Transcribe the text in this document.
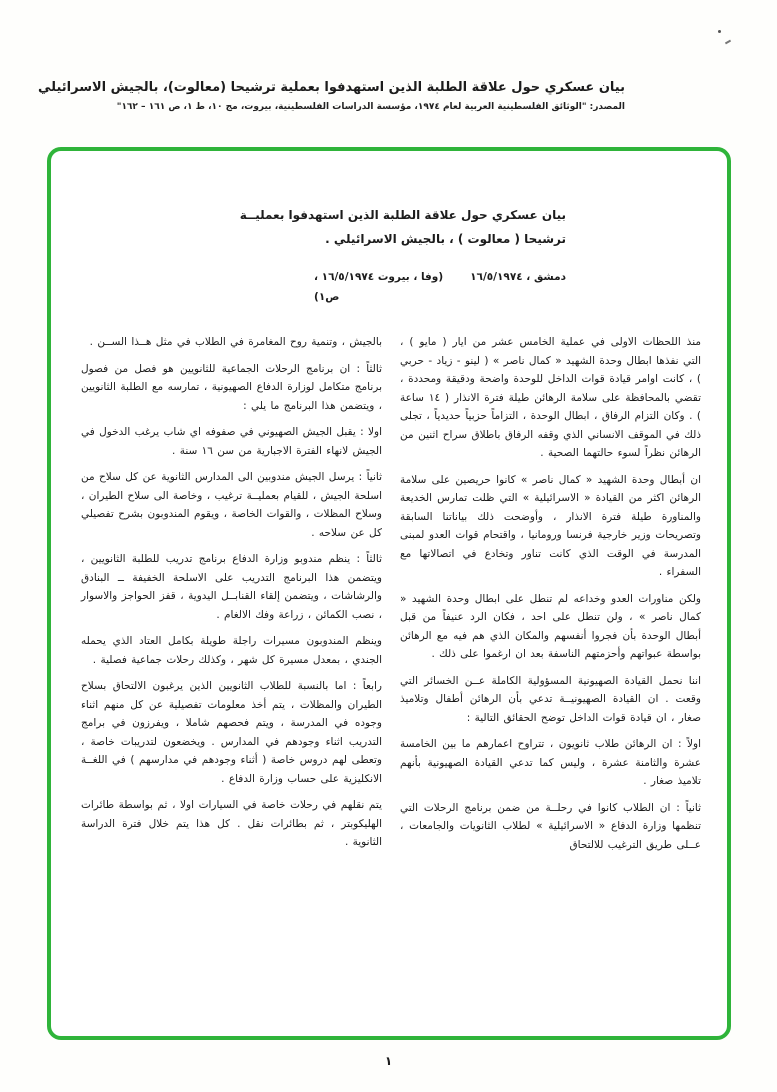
بيان عسكري حول علاقة الطلبة الذين استهدفوا بعملية ترشيحا (معالوت)، بالجيش الاسرائيلي
المصدر: "الوثائق الفلسطينية العربية لعام ١٩٧٤، مؤسسة الدراسات الفلسطينية، بيروت، مج ١٠، ط ١، ص ١٦١ – ١٦٢"
بيان عسكري حول علاقة الطلبة الذين استهدفوا بعمليــة
ترشيحا ( معالوت ) ، بالجيش الاسرائيلي .
دمشق ، ١٦/٥/١٩٧٤
(وفا ، بيروت ١٦/٥/١٩٧٤ ،
ص١)

منذ اللحظات الاولى في عملية الخامس عشر من ايار ( مايو ) ، التي نفذها ابطال وحدة الشهيد « كمال ناصر » ( لينو - زياد - حربي ) ، كانت اوامر قيادة قوات الداخل للوحدة واضحة ودقيقة ومحددة ، تقضي بالمحافظة على سلامة الرهائن طيلة فترة الانذار ( ١٤ ساعة ) . وكان التزام الرفاق ، ابطال الوحدة ، التزاماً حزبياً حديدياً ، تجلى ذلك في الموقف الانساني الذي وقفه الرفاق باطلاق سراح اثنين من الرهائن نظراً لسوء حالتهما الصحية .

ان أبطال وحدة الشهيد « كمال ناصر » كانوا حريصين على سلامة الرهائن اكثر من القيادة « الاسرائيلية » التي ظلت تمارس الخديعة والمناورة طيلة فترة الانذار ، وأوضحت ذلك بياناتنا السابقة وتصريحات وزير خارجية فرنسا ورومانيا ، واقتحام قوات العدو لمبنى المدرسة في الوقت الذي كانت تناور وتخادع في اتصالاتها مع السفراء .

ولكن مناورات العدو وخداعه لم تنطل على ابطال وحدة الشهيد « كمال ناصر » ، ولن تنطل على احد ، فكان الرد عنيفاً من قبل أبطال الوحدة بأن فجروا أنفسهم والمكان الذي هم فيه مع الرهائن بواسطة عبواتهم وأحزمتهم الناسفة بعد ان ارغموا على ذلك .

اننا نحمل القيادة الصهيونية المسؤولية الكاملة عــن الخسائر التي وقعت . ان القيادة الصهيونيــة تدعي بأن الرهائن أطفال وتلاميذ صغار ، ان قيادة قوات الداخل توضح الحقائق التالية :

اولاً : ان الرهائن طلاب ثانويون ، تتراوح اعمارهم ما بين الخامسة عشرة والثامنة عشرة ، وليس كما تدعي القيادة الصهيونية بأنهم تلاميذ صغار .

ثانياً : ان الطلاب كانوا في رحلــة من ضمن برنامج الرحلات التي تنظمها وزارة الدفاع « الاسرائيلية » لطلاب الثانويات والجامعات ، عــلى طريق الترغيب للالتحاق

بالجيش ، وتنمية روح المغامرة في الطلاب في مثل هــذا الســن .

ثالثاً : ان برنامج الرحلات الجماعية للثانويين هو فصل من فصول برنامج متكامل لوزارة الدفاع الصهيونية ، تمارسه مع الطلبة الثانويين ، ويتضمن هذا البرنامج ما يلي :

اولا : يقبل الجيش الصهيوني في صفوفه اي شاب يرغب الدخول في الجيش لانهاء الفترة الاجبارية من سن ١٦ سنة .

ثانياً : يرسل الجيش مندوبين الى المدارس الثانوية عن كل سلاح من اسلحة الجيش ، للقيام بعمليــة ترغيب ، وخاصة الى سلاح الطيران ، وسلاح المظلات ، والقوات الخاصة ، ويقوم المندوبون بشرح تفصيلي كل عن سلاحه .

ثالثاً : ينظم مندوبو وزارة الدفاع برنامج تدريب للطلبة الثانويين ، ويتضمن هذا البرنامج التدريب على الاسلحة الخفيفة ــ البنادق والرشاشات ، ويتضمن إلقاء القنابــل اليدوية ، قفز الحواجز والاسوار ، نصب الكمائن ، زراعة وفك الالغام .

وينظم المندوبون مسيرات راجلة طويلة بكامل العتاد الذي يحمله الجندي ، بمعدل مسيرة كل شهر ، وكذلك رحلات جماعية فصلية .

رابعاً : اما بالنسبة للطلاب الثانويين الذين يرغبون الالتحاق بسلاح الطيران والمظلات ، يتم أخذ معلومات تفصيلية عن كل منهم اثناء وجوده في المدرسة ، ويتم فحصهم شاملا ، ويفرزون في برامج التدريب اثناء وجودهم في المدارس . ويخضعون لتدريبات خاصة ، وتعطى لهم دروس خاصة ( أثناء وجودهم في مدارسهم ) في اللغــة الانكليزية على حساب وزارة الدفاع .

يتم نقلهم في رحلات خاصة في السيارات اولا ، ثم بواسطة طائرات الهليكوبتر ، ثم بطائرات نقل . كل هذا يتم خلال فترة الدراسة الثانوية .

١
